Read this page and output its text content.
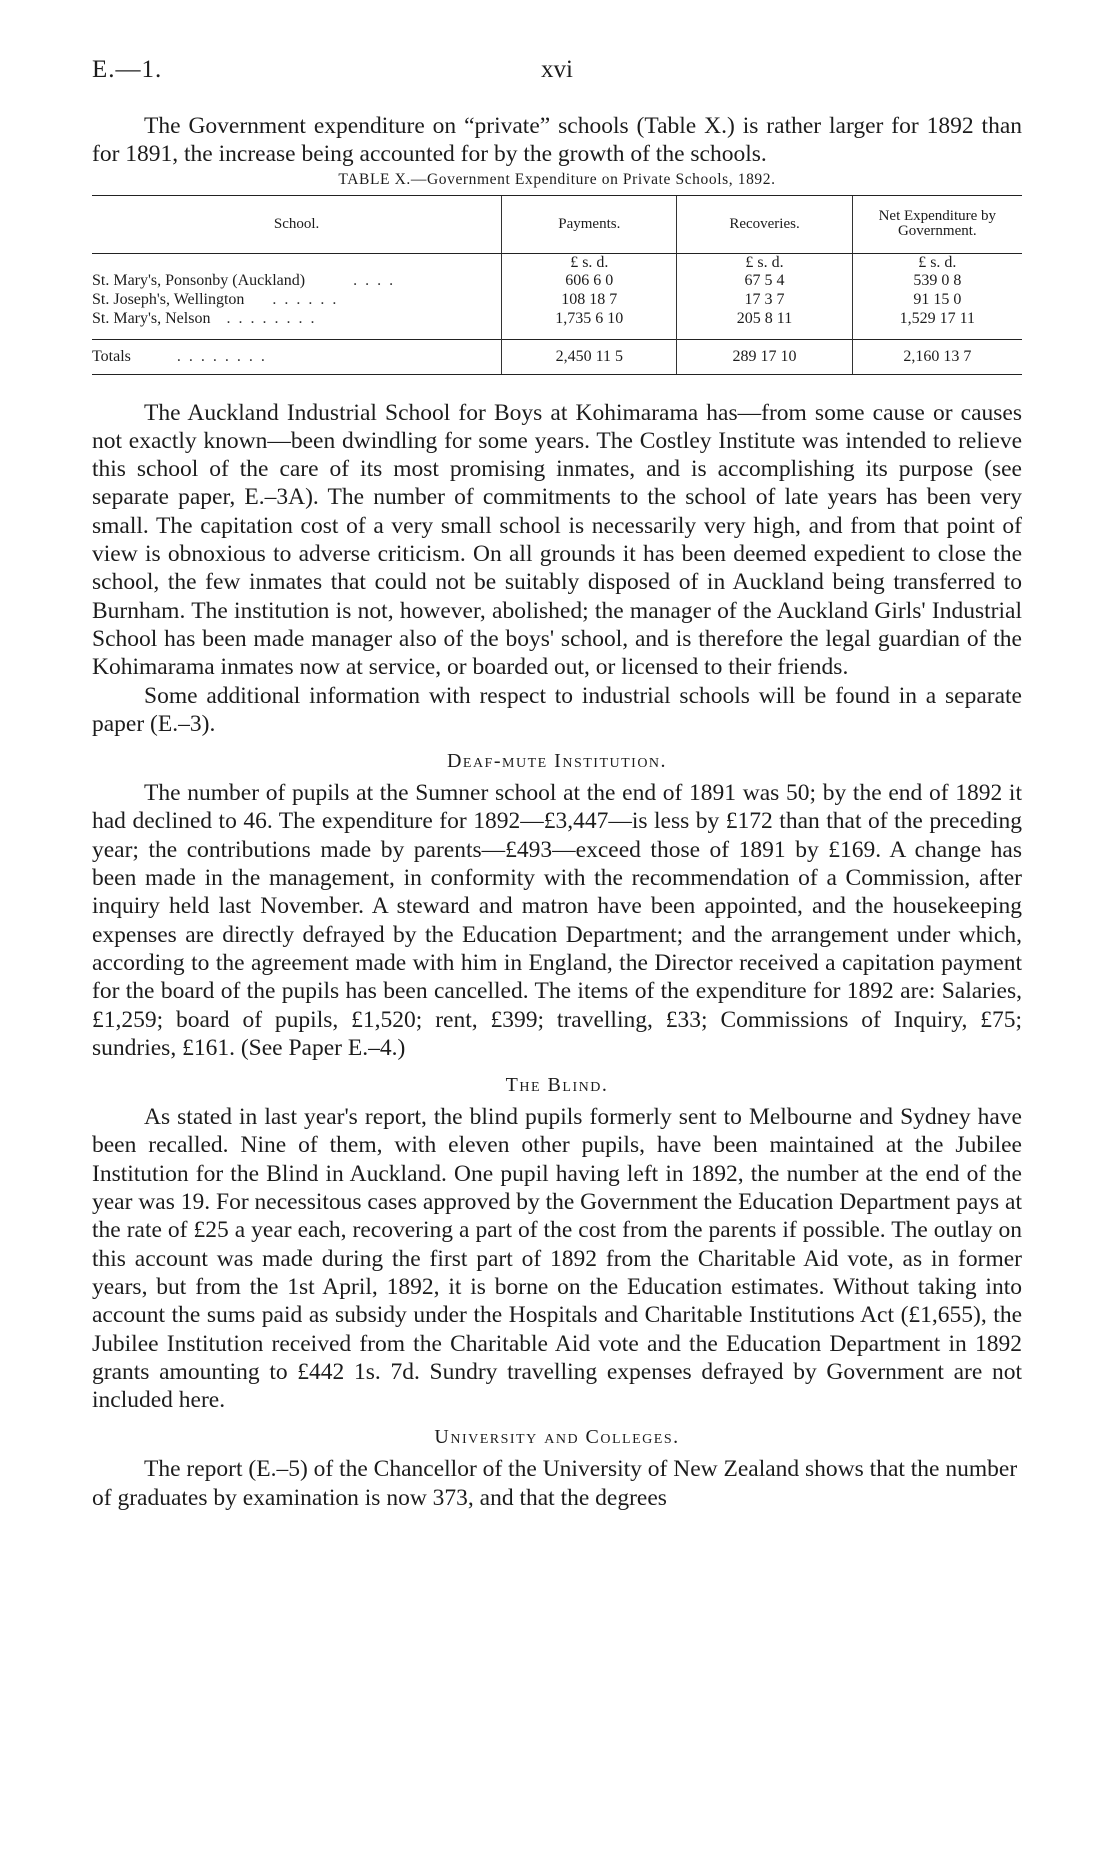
E.—1.	xvi

The Government expenditure on “private” schools (Table X.) is rather larger for 1892 than for 1891, the increase being accounted for by the growth of the schools.

TABLE X.—Government Expenditure on Private Schools, 1892.
School.	Payments.	Recoveries.	Net Expenditure by Government.
	£ s. d.	£ s. d.	£ s. d.
St. Mary's, Ponsonby (Auckland) . . . .	606 6 0	67 5 4	539 0 8
St. Joseph's, Wellington . . . . . .	108 18 7	17 3 7	91 15 0
St. Mary's, Nelson . . . . . . . .	1,735 6 10	205 8 11	1,529 17 11

Totals . . . . . . . .	2,450 11 5	289 17 10	2,160 13 7

The Auckland Industrial School for Boys at Kohimarama has—from some cause or causes not exactly known—been dwindling for some years. The Costley Institute was intended to relieve this school of the care of its most promising inmates, and is accomplishing its purpose (see separate paper, E.–3A). The number of commitments to the school of late years has been very small. The capitation cost of a very small school is necessarily very high, and from that point of view is obnoxious to adverse criticism. On all grounds it has been deemed expedient to close the school, the few inmates that could not be suitably disposed of in Auckland being transferred to Burnham. The institution is not, however, abolished; the manager of the Auckland Girls' Industrial School has been made manager also of the boys' school, and is therefore the legal guardian of the Kohimarama inmates now at service, or boarded out, or licensed to their friends.

Some additional information with respect to industrial schools will be found in a separate paper (E.–3).

Deaf-mute Institution.

The number of pupils at the Sumner school at the end of 1891 was 50; by the end of 1892 it had declined to 46. The expenditure for 1892—£3,447—is less by £172 than that of the preceding year; the contributions made by parents—£493—exceed those of 1891 by £169. A change has been made in the management, in conformity with the recommendation of a Commission, after inquiry held last November. A steward and matron have been appointed, and the housekeeping expenses are directly defrayed by the Education Department; and the arrangement under which, according to the agreement made with him in England, the Director received a capitation payment for the board of the pupils has been cancelled. The items of the expenditure for 1892 are: Salaries, £1,259; board of pupils, £1,520; rent, £399; travelling, £33; Commissions of Inquiry, £75; sundries, £161. (See Paper E.–4.)

The Blind.

As stated in last year's report, the blind pupils formerly sent to Melbourne and Sydney have been recalled. Nine of them, with eleven other pupils, have been maintained at the Jubilee Institution for the Blind in Auckland. One pupil having left in 1892, the number at the end of the year was 19. For necessitous cases approved by the Government the Education Department pays at the rate of £25 a year each, recovering a part of the cost from the parents if possible. The outlay on this account was made during the first part of 1892 from the Charitable Aid vote, as in former years, but from the 1st April, 1892, it is borne on the Education estimates. Without taking into account the sums paid as subsidy under the Hospitals and Charitable Institutions Act (£1,655), the Jubilee Institution received from the Charitable Aid vote and the Education Department in 1892 grants amounting to £442 1s. 7d. Sundry travelling expenses defrayed by Government are not included here.

University and Colleges.

The report (E.–5) of the Chancellor of the University of New Zealand shows that the number of graduates by examination is now 373, and that the degrees
